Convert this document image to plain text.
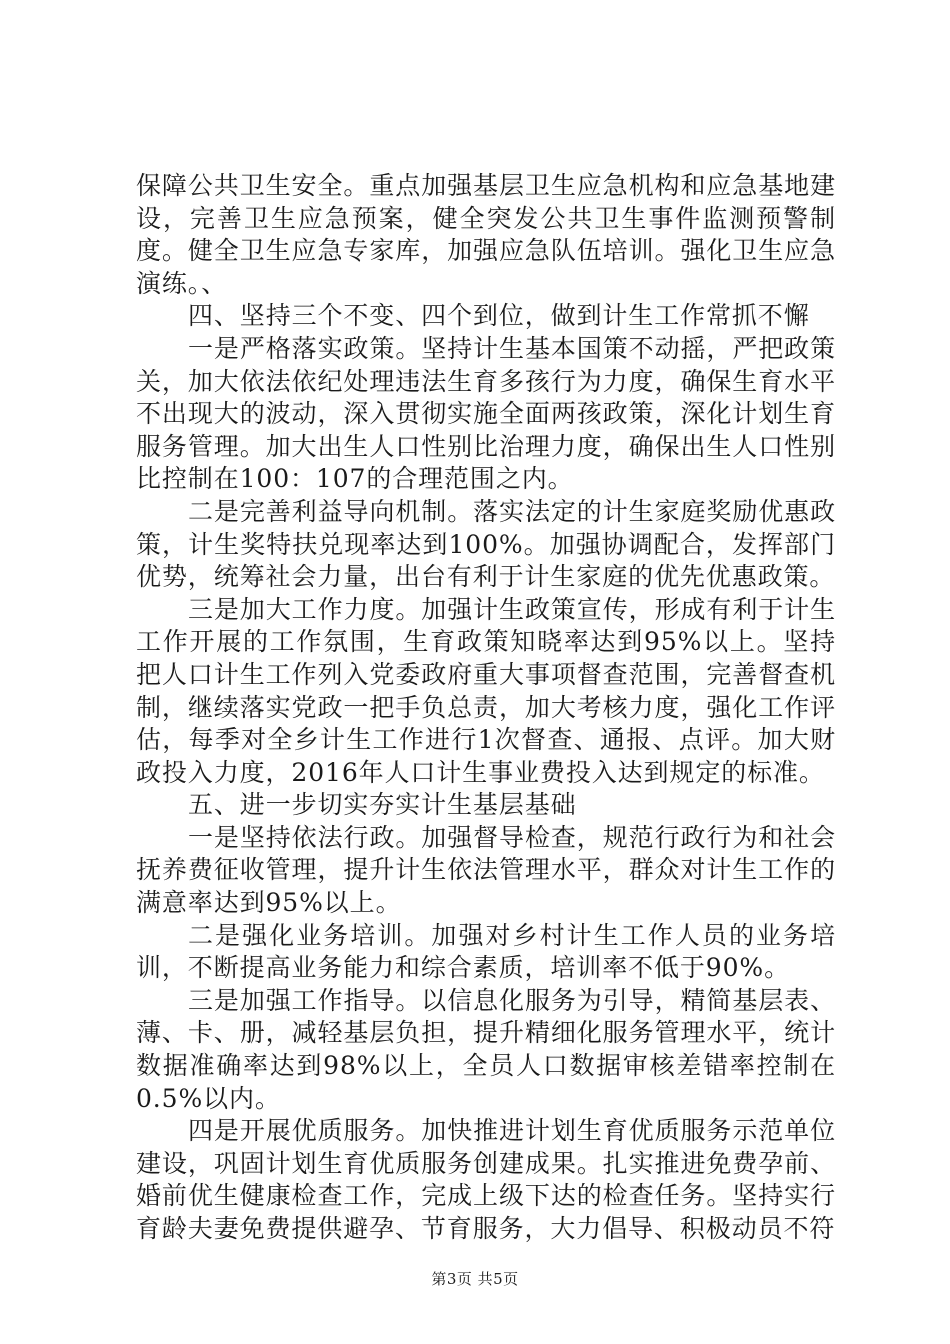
保障公共卫生安全。重点加强基层卫生应急机构和应急基地建设，完善卫生应急预案，健全突发公共卫生事件监测预警制度。健全卫生应急专家库，加强应急队伍培训。强化卫生应急演练。、

四、坚持三个不变、四个到位，做到计生工作常抓不懈

一是严格落实政策。坚持计生基本国策不动摇，严把政策关，加大依法依纪处理违法生育多孩行为力度，确保生育水平不出现大的波动，深入贯彻实施全面两孩政策，深化计划生育服务管理。加大出生人口性别比治理力度，确保出生人口性别比控制在100：107的合理范围之内。

二是完善利益导向机制。落实法定的计生家庭奖励优惠政策，计生奖特扶兑现率达到100%。加强协调配合，发挥部门优势，统筹社会力量，出台有利于计生家庭的优先优惠政策。

三是加大工作力度。加强计生政策宣传，形成有利于计生工作开展的工作氛围，生育政策知晓率达到95%以上。坚持把人口计生工作列入党委政府重大事项督查范围，完善督查机制，继续落实党政一把手负总责，加大考核力度，强化工作评估，每季对全乡计生工作进行1次督查、通报、点评。加大财政投入力度，2016年人口计生事业费投入达到规定的标准。

五、进一步切实夯实计生基层基础

一是坚持依法行政。加强督导检查，规范行政行为和社会抚养费征收管理，提升计生依法管理水平，群众对计生工作的满意率达到95%以上。

二是强化业务培训。加强对乡村计生工作人员的业务培训，不断提高业务能力和综合素质，培训率不低于90%。

三是加强工作指导。以信息化服务为引导，精简基层表、薄、卡、册，减轻基层负担，提升精细化服务管理水平，统计数据准确率达到98%以上，全员人口数据审核差错率控制在0.5%以内。

四是开展优质服务。加快推进计划生育优质服务示范单位建设，巩固计划生育优质服务创建成果。扎实推进免费孕前、婚前优生健康检查工作，完成上级下达的检查任务。坚持实行育龄夫妻免费提供避孕、节育服务，大力倡导、积极动员不符

第3页 共5页
